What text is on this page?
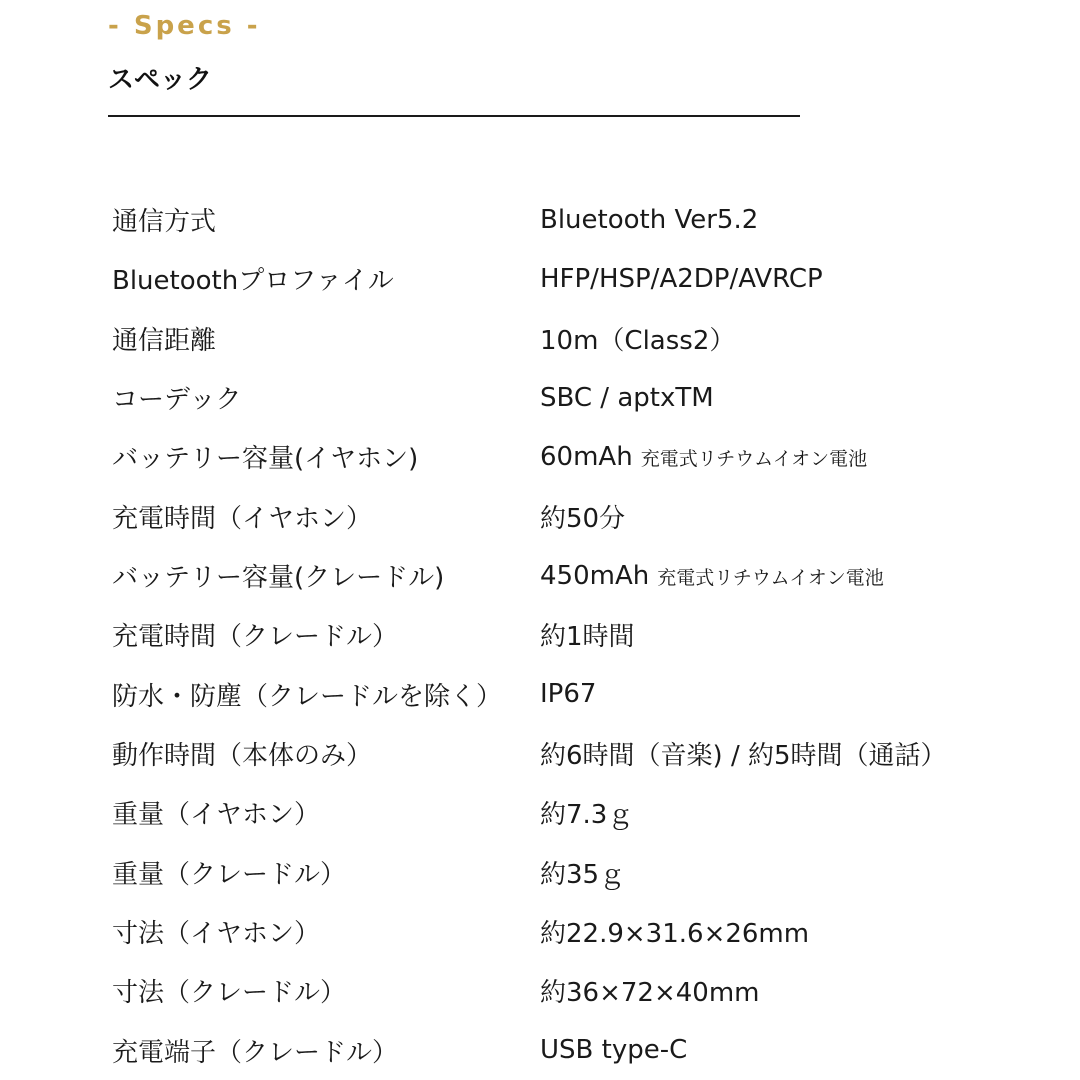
- Specs -
スペック
通信方式	Bluetooth Ver5.2
Bluetoothプロファイル	HFP/HSP/A2DP/AVRCP
通信距離	10m（Class2）
コーデック	SBC / aptxTM
バッテリー容量(イヤホン)	60mAh 充電式リチウムイオン電池
充電時間（イヤホン）	約50分
バッテリー容量(クレードル)	450mAh 充電式リチウムイオン電池
充電時間（クレードル）	約1時間
防水・防塵（クレードルを除く）	IP67
動作時間（本体のみ）	約6時間（音楽) / 約5時間（通話）
重量（イヤホン）	約7.3ｇ
重量（クレードル）	約35ｇ
寸法（イヤホン）	約22.9×31.6×26mm
寸法（クレードル）	約36×72×40mm
充電端子（クレードル）	USB type-C
